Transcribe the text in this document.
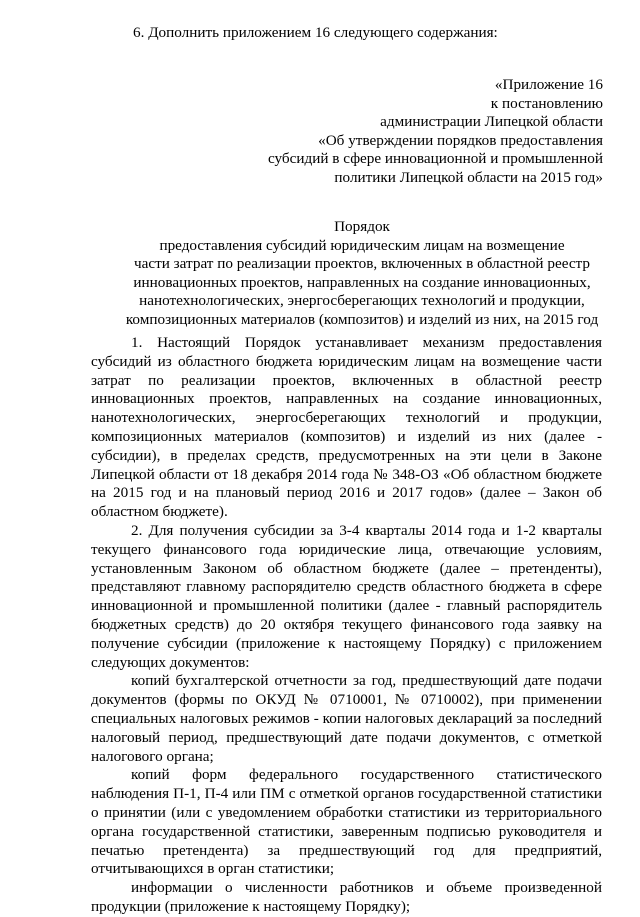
6. Дополнить приложением 16 следующего содержания:
«Приложение 16
к постановлению
администрации Липецкой области
«Об утверждении порядков предоставления
субсидий в сфере инновационной и промышленной
политики Липецкой области на 2015 год»
Порядок
предоставления субсидий юридическим лицам на возмещение
части затрат по реализации проектов, включенных в областной реестр
инновационных проектов, направленных на создание инновационных,
нанотехнологических, энергосберегающих технологий и продукции,
композиционных материалов (композитов) и изделий из них, на 2015 год

1. Настоящий Порядок устанавливает механизм предоставления субсидий из областного бюджета юридическим лицам на возмещение части затрат по реализации проектов, включенных в областной реестр инновационных проектов, направленных на создание инновационных, нанотехнологических, энергосберегающих технологий и продукции, композиционных материалов (композитов) и изделий из них (далее - субсидии), в пределах средств, предусмотренных на эти цели в Законе Липецкой области от 18 декабря 2014 года № 348-ОЗ «Об областном бюджете на 2015 год и на плановый период 2016 и 2017 годов» (далее – Закон об областном бюджете).

2. Для получения субсидии за 3-4 кварталы 2014 года и 1-2 кварталы текущего финансового года юридические лица, отвечающие условиям, установленным Законом об областном бюджете (далее – претенденты), представляют главному распорядителю средств областного бюджета в сфере инновационной и промышленной политики (далее - главный распорядитель бюджетных средств) до 20 октября текущего финансового года заявку на получение субсидии (приложение к настоящему Порядку) с приложением следующих документов:

копий бухгалтерской отчетности за год, предшествующий дате подачи документов (формы по ОКУД № 0710001, № 0710002), при применении специальных налоговых режимов - копии налоговых деклараций за последний налоговый период, предшествующий дате подачи документов, с отметкой налогового органа;

копий форм федерального государственного статистического наблюдения П-1, П-4 или ПМ с отметкой органов государственной статистики о принятии (или с уведомлением обработки статистики из территориального органа государственной статистики, заверенным подписью руководителя и печатью претендента) за предшествующий год для предприятий, отчитывающихся в орган статистики;

информации о численности работников и объеме произведенной продукции (приложение к настоящему Порядку);
